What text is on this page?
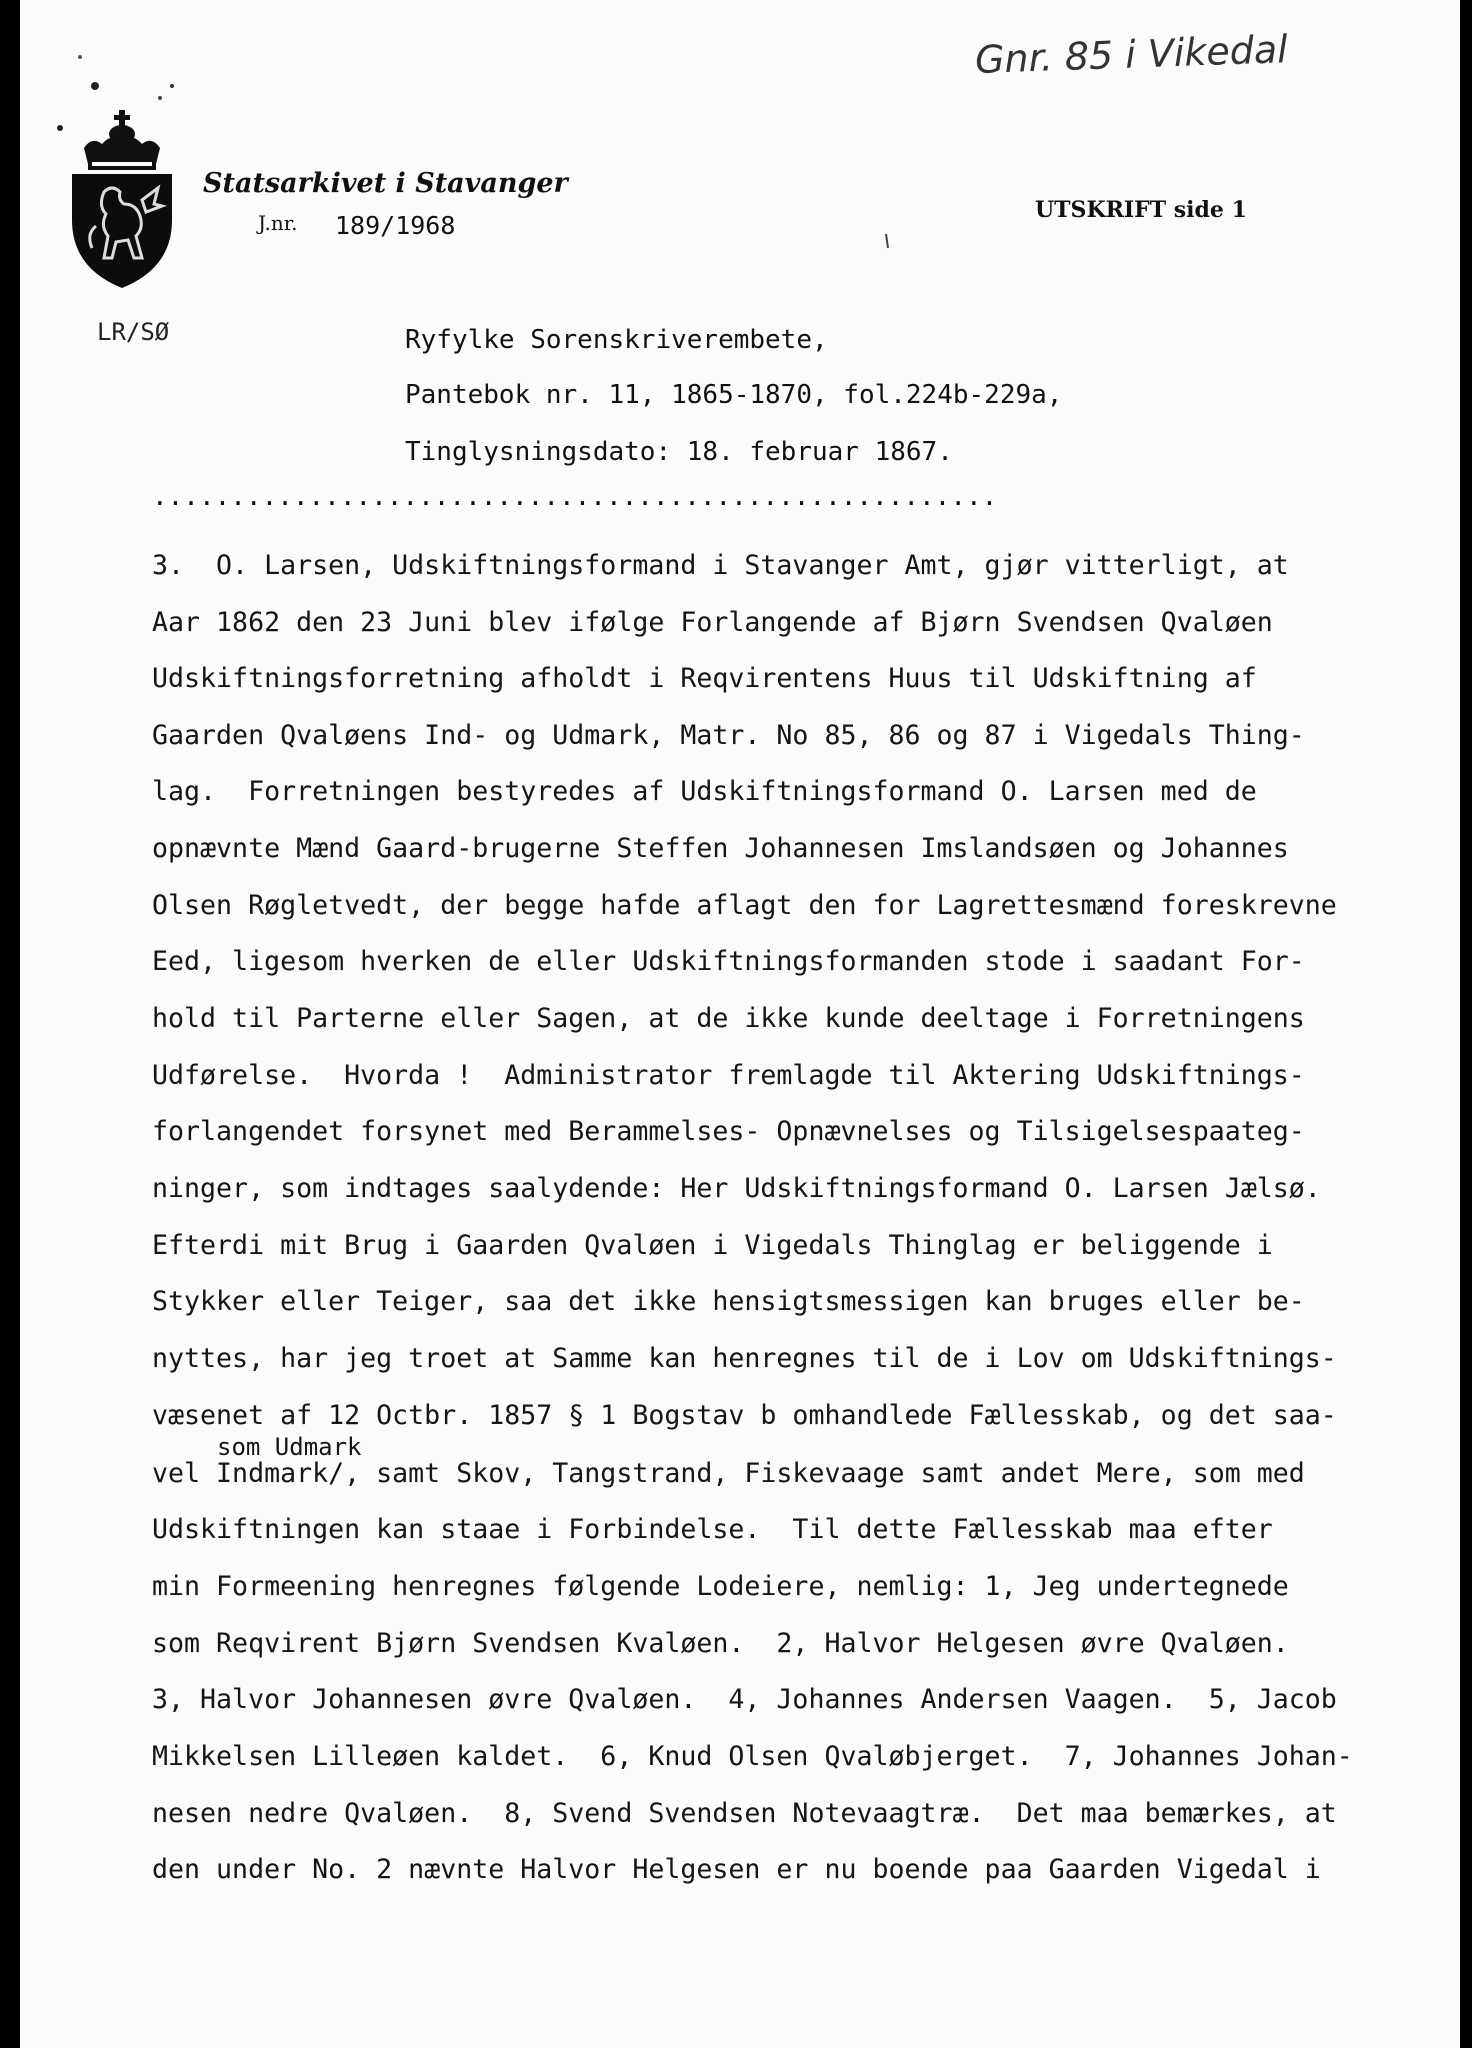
Gnr. 85 i Vikedal
Statsarkivet i Stavanger
J.nr. 189/1968
UTSKRIFT side 1
LR/SØ	Ryfylke Sorenskriverembete,
Pantebok nr. 11, 1865-1870, fol.224b-229a,
Tinglysningsdato: 18. februar 1867.
......................................................
3.  O. Larsen, Udskiftningsformand i Stavanger Amt, gjør vitterligt, at
Aar 1862 den 23 Juni blev ifølge Forlangende af Bjørn Svendsen Qvaløen
Udskiftningsforretning afholdt i Reqvirentens Huus til Udskiftning af
Gaarden Qvaløens Ind- og Udmark, Matr. No 85, 86 og 87 i Vigedals Thing-
lag.  Forretningen bestyredes af Udskiftningsformand O. Larsen med de
opnævnte Mænd Gaard-brugerne Steffen Johannesen Imslandsøen og Johannes
Olsen Røgletvedt, der begge hafde aflagt den for Lagrettesmænd foreskrevne
Eed, ligesom hverken de eller Udskiftningsformanden stode i saadant For-
hold til Parterne eller Sagen, at de ikke kunde deeltage i Forretningens
Udførelse.  Hvorda !  Administrator fremlagde til Aktering Udskiftnings-
forlangendet forsynet med Berammelses- Opnævnelses og Tilsigelsespaateg-
ninger, som indtages saalydende: Her Udskiftningsformand O. Larsen Jælsø.
Efterdi mit Brug i Gaarden Qvaløen i Vigedals Thinglag er beliggende i
Stykker eller Teiger, saa det ikke hensigtsmessigen kan bruges eller be-
nyttes, har jeg troet at Samme kan henregnes til de i Lov om Udskiftnings-
væsenet af 12 Octbr. 1857 § 1 Bogstav b omhandlede Fællesskab, og det saa-
som Udmark
vel Indmark/, samt Skov, Tangstrand, Fiskevaage samt andet Mere, som med
Udskiftningen kan staae i Forbindelse.  Til dette Fællesskab maa efter
min Formeening henregnes følgende Lodeiere, nemlig: 1, Jeg undertegnede
som Reqvirent Bjørn Svendsen Kvaløen.  2, Halvor Helgesen øvre Qvaløen.
3, Halvor Johannesen øvre Qvaløen.  4, Johannes Andersen Vaagen.  5, Jacob
Mikkelsen Lilleøen kaldet.  6, Knud Olsen Qvaløbjerget.  7, Johannes Johan-
nesen nedre Qvaløen.  8, Svend Svendsen Notevaagtræ.  Det maa bemærkes, at
den under No. 2 nævnte Halvor Helgesen er nu boende paa Gaarden Vigedal i
